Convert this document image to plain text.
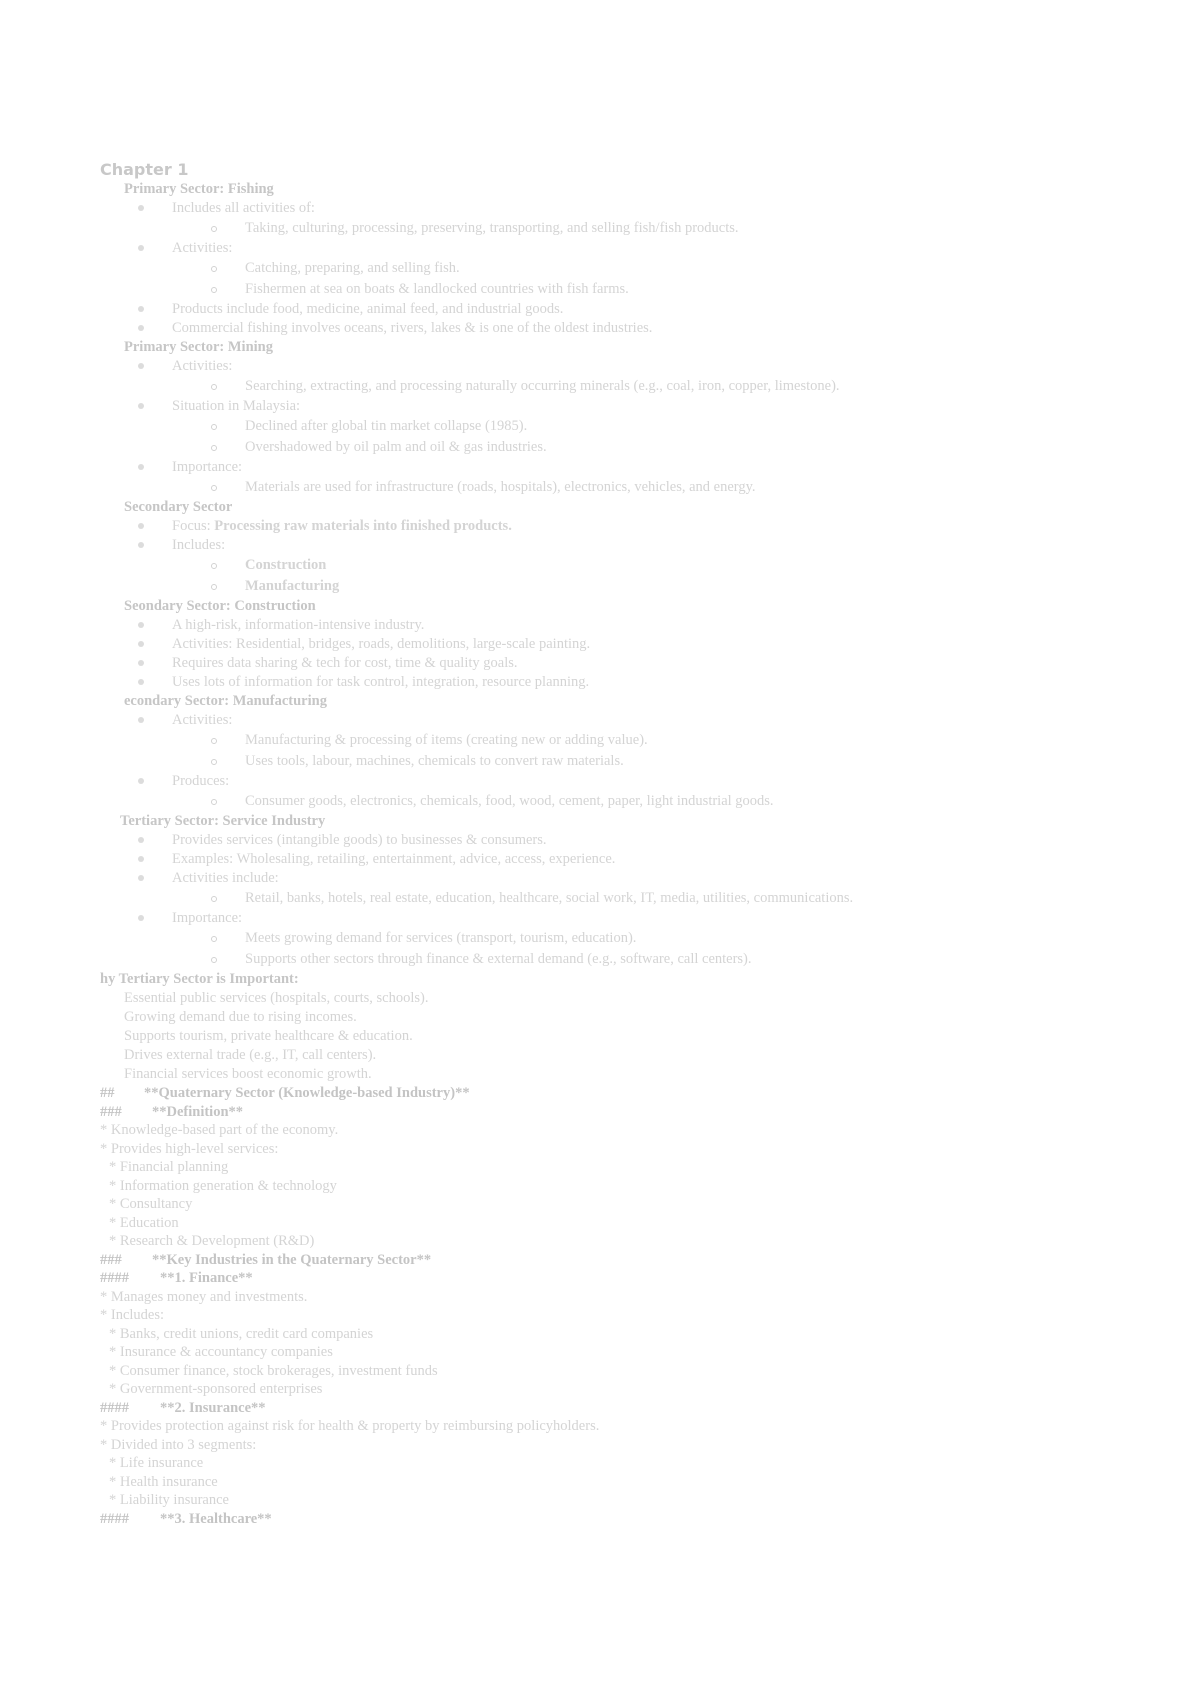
Chapter 1
Primary Sector: Fishing
Includes all activities of:
Taking, culturing, processing, preserving, transporting, and selling fish/fish products.
Activities:
Catching, preparing, and selling fish.
Fishermen at sea on boats & landlocked countries with fish farms.
Products include food, medicine, animal feed, and industrial goods.
Commercial fishing involves oceans, rivers, lakes & is one of the oldest industries.
Primary Sector: Mining
Activities:
Searching, extracting, and processing naturally occurring minerals (e.g., coal, iron, copper, limestone).
Situation in Malaysia:
Declined after global tin market collapse (1985).
Overshadowed by oil palm and oil & gas industries.
Importance:
Materials are used for infrastructure (roads, hospitals), electronics, vehicles, and energy.
Secondary Sector
Focus: Processing raw materials into finished products.
Includes:
Construction
Manufacturing
Seondary Sector: Construction
A high-risk, information-intensive industry.
Activities: Residential, bridges, roads, demolitions, large-scale painting.
Requires data sharing & tech for cost, time & quality goals.
Uses lots of information for task control, integration, resource planning.
econdary Sector: Manufacturing
Activities:
Manufacturing & processing of items (creating new or adding value).
Uses tools, labour, machines, chemicals to convert raw materials.
Produces:
Consumer goods, electronics, chemicals, food, wood, cement, paper, light industrial goods.
Tertiary Sector: Service Industry
Provides services (intangible goods) to businesses & consumers.
Examples: Wholesaling, retailing, entertainment, advice, access, experience.
Activities include:
Retail, banks, hotels, real estate, education, healthcare, social work, IT, media, utilities, communications.
Importance:
Meets growing demand for services (transport, tourism, education).
Supports other sectors through finance & external demand (e.g., software, call centers).
hy Tertiary Sector is Important:
Essential public services (hospitals, courts, schools).
Growing demand due to rising incomes.
Supports tourism, private healthcare & education.
Drives external trade (e.g., IT, call centers).
Financial services boost economic growth.
## **Quaternary Sector (Knowledge-based Industry)**
### **Definition**
* Knowledge-based part of the economy.
* Provides high-level services:
* Financial planning
* Information generation & technology
* Consultancy
* Education
* Research & Development (R&D)
### **Key Industries in the Quaternary Sector**
#### **1. Finance**
* Manages money and investments.
* Includes:
* Banks, credit unions, credit card companies
* Insurance & accountancy companies
* Consumer finance, stock brokerages, investment funds
* Government-sponsored enterprises
#### **2. Insurance**
* Provides protection against risk for health & property by reimbursing policyholders.
* Divided into 3 segments:
* Life insurance
* Health insurance
* Liability insurance
#### **3. Healthcare**
